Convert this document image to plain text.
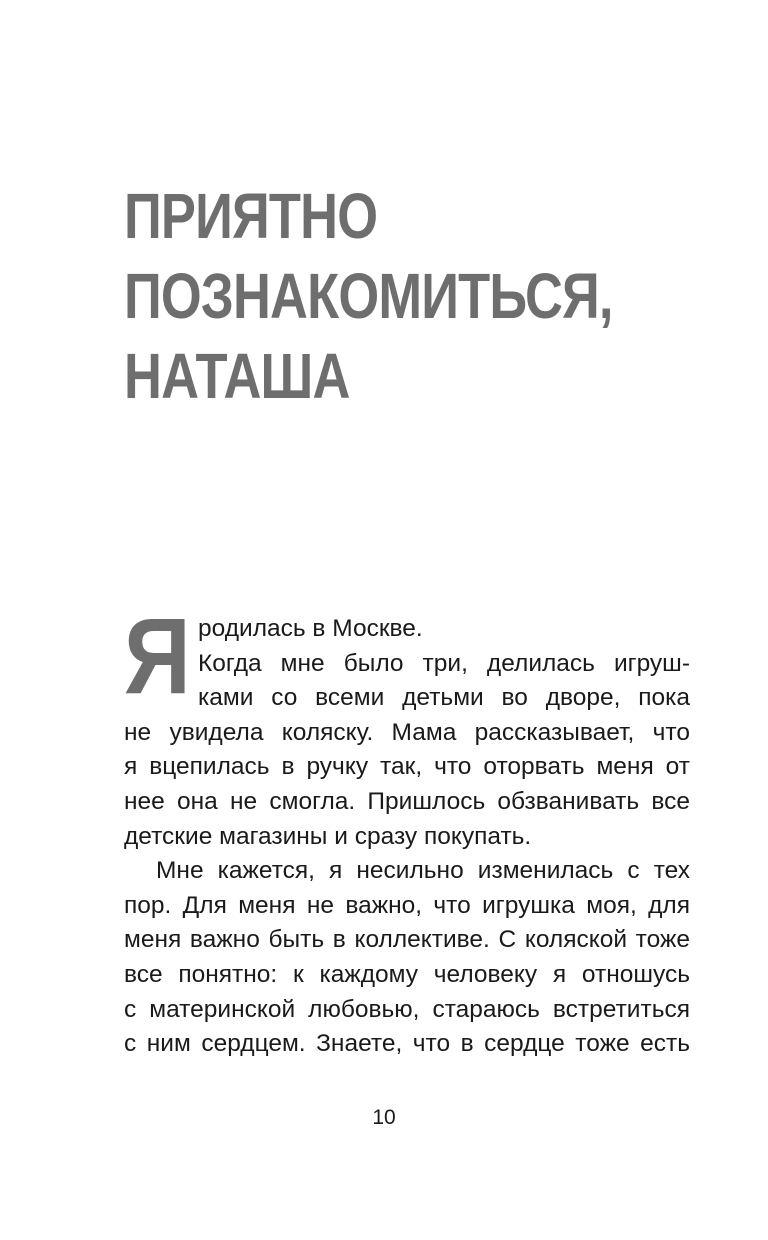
ПРИЯТНО
ПОЗНАКОМИТЬСЯ,
НАТАША
Я родилась в Москве.
Когда мне было три, делилась игруш-
ками со всеми детьми во дворе, пока
не увидела коляску. Мама рассказывает, что
я вцепилась в ручку так, что оторвать меня от
нее она не смогла. Пришлось обзванивать все
детские магазины и сразу покупать.
Мне кажется, я несильно изменилась с тех
пор. Для меня не важно, что игрушка моя, для
меня важно быть в коллективе. С коляской тоже
все понятно: к каждому человеку я отношусь
с материнской любовью, стараюсь встретиться
с ним сердцем. Знаете, что в сердце тоже есть
10
